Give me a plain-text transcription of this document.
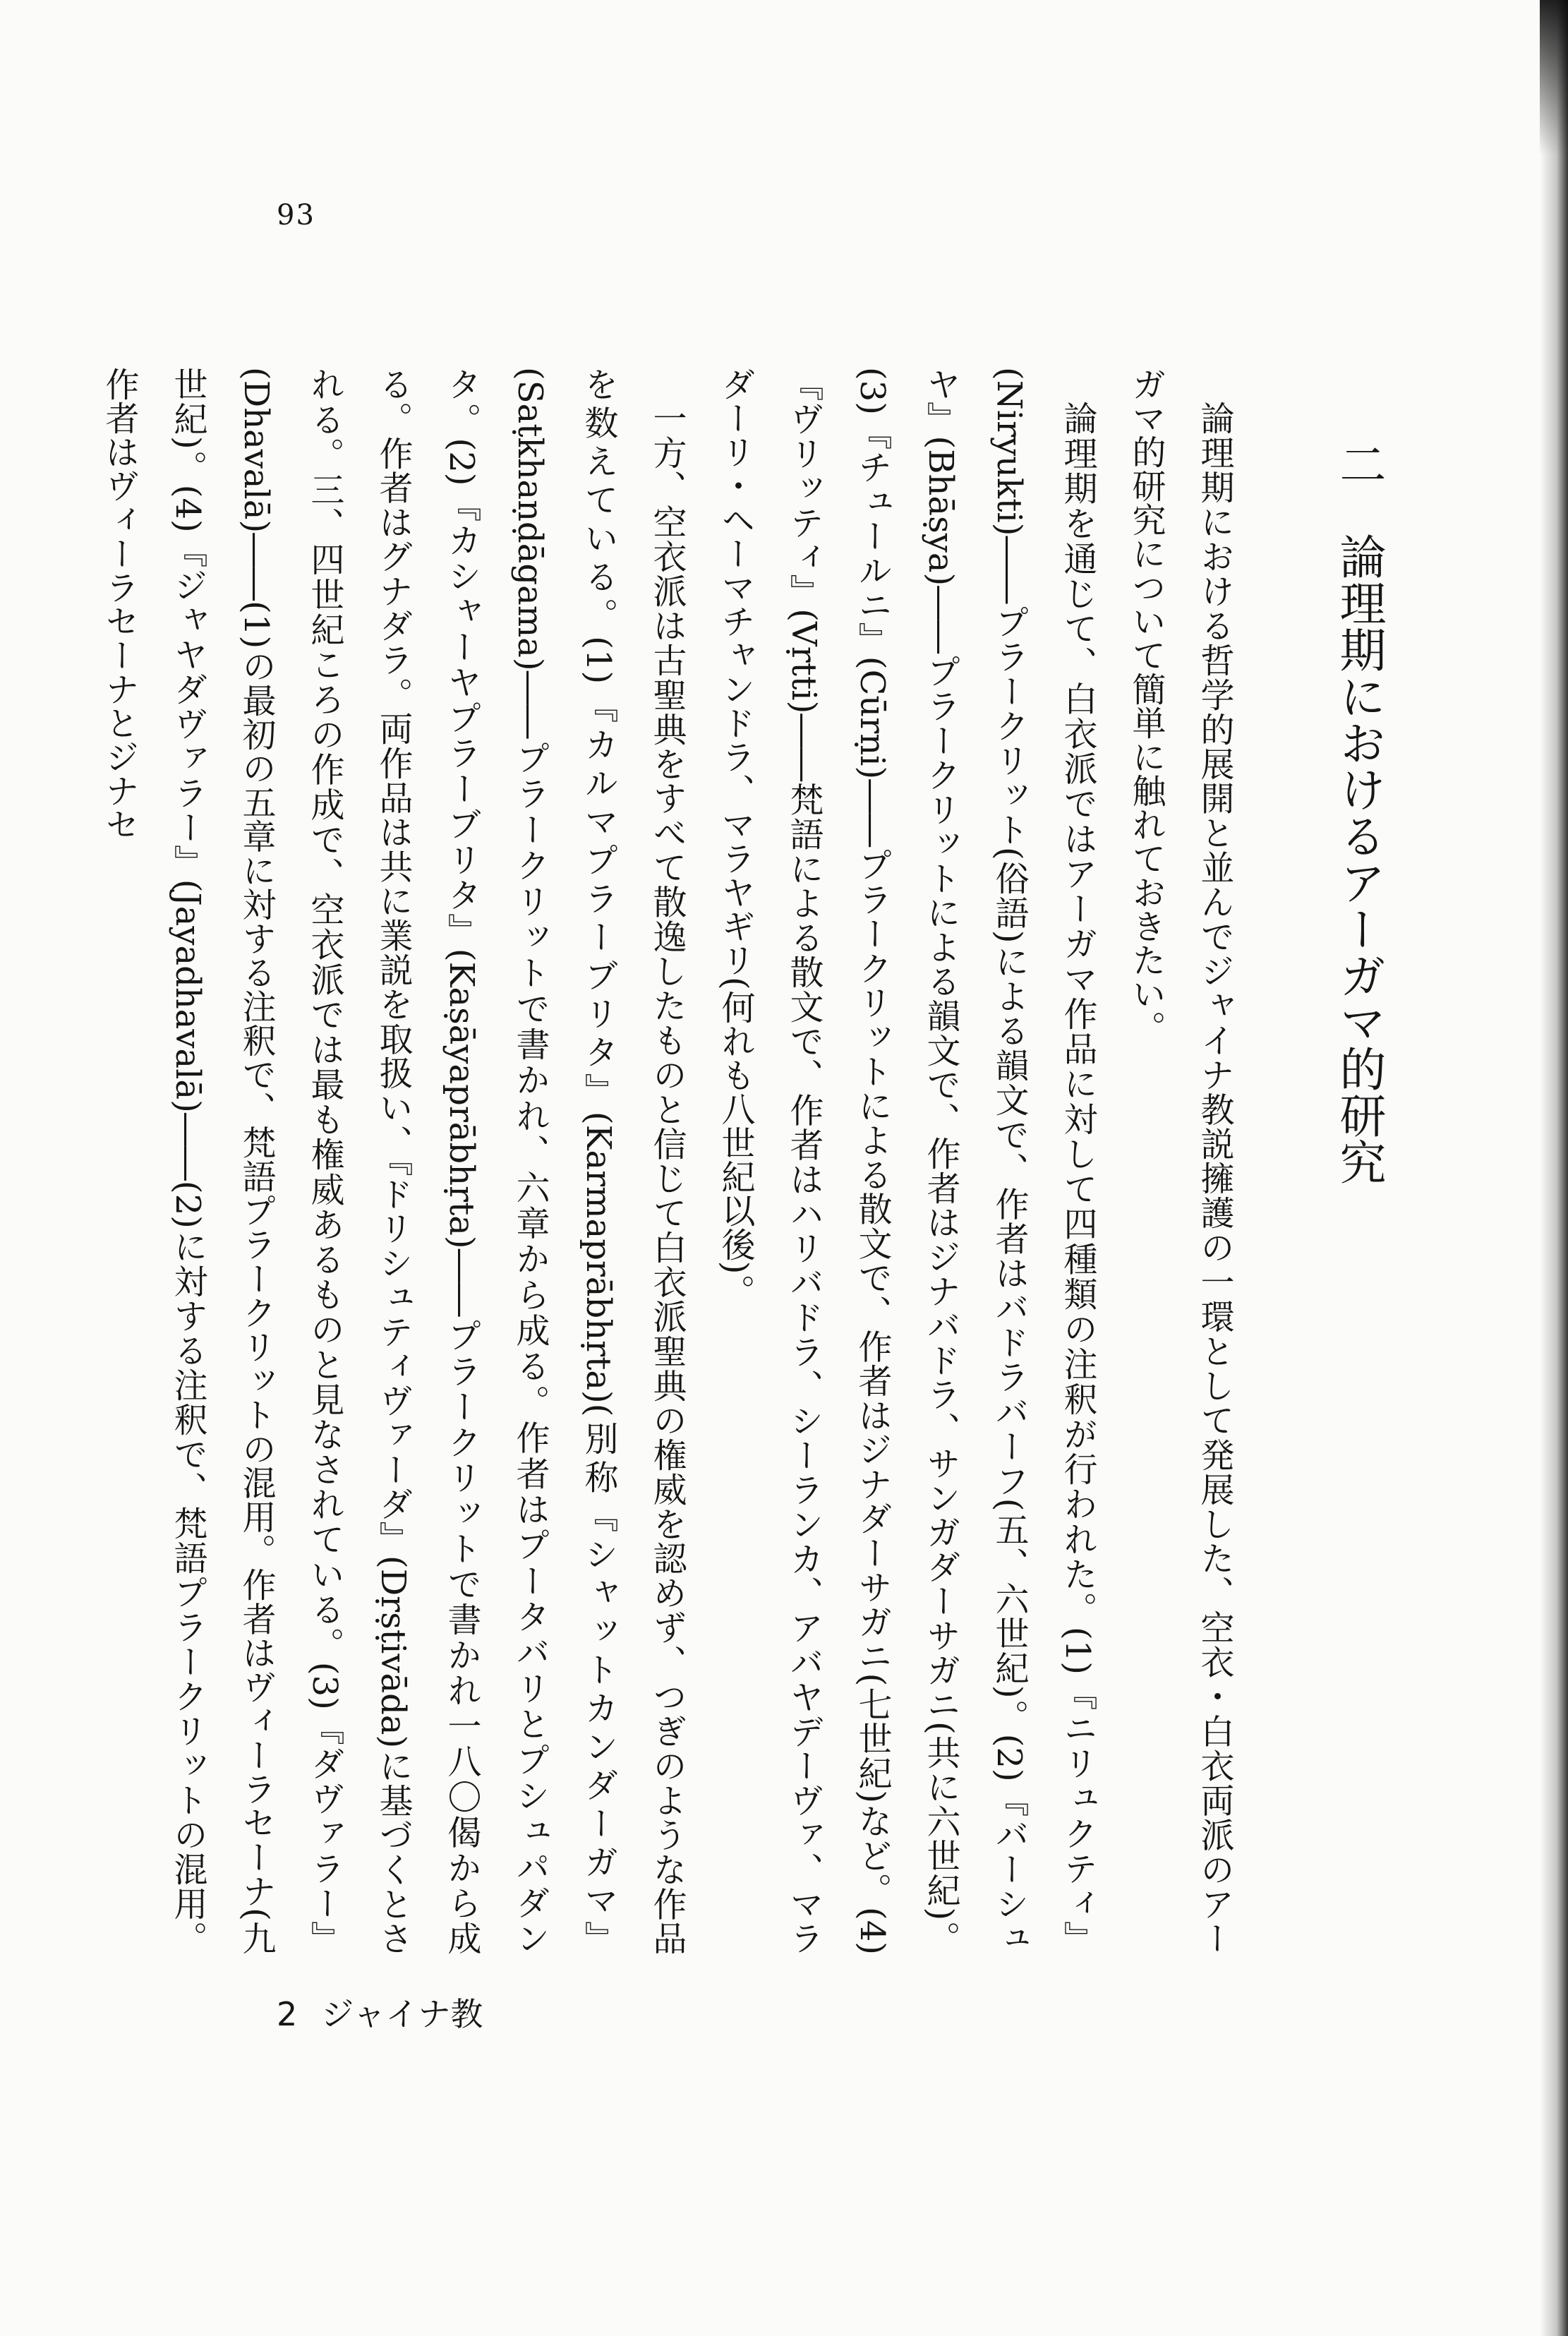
93
二 論理期におけるアーガマ的研究

論理期における哲学的展開と並んでジャイナ教説擁護の一環として発展した、空衣・白衣両派のアーガマ的研究について簡単に触れておきたい。

論理期を通じて、白衣派ではアーガマ作品に対して四種類の注釈が行われた。(1)『ニリュクティ』(Niryukti)――プラークリット(俗語)による韻文で、作者はバドラバーフ(五、六世紀)。(2)『バーシュヤ』(Bhāṣya)――プラークリットによる韻文で、作者はジナバドラ、サンガダーサガニ(共に六世紀)。(3)『チュールニ』(Cūrṇi)――プラークリットによる散文で、作者はジナダーサガニ(七世紀)など。(4)『ヴリッティ』(Vṛtti)――梵語による散文で、作者はハリバドラ、シーランカ、アバヤデーヴァ、マラダーリ・ヘーマチャンドラ、マラヤギリ(何れも八世紀以後)。

一方、空衣派は古聖典をすべて散逸したものと信じて白衣派聖典の権威を認めず、つぎのような作品を数えている。(1)『カルマプラーブリタ』(Karmaprābhṛta)(別称『シャットカンダーガマ』(Saṭkhaṇḍāgama)――プラークリットで書かれ、六章から成る。作者はプータバリとプシュパダンタ。(2)『カシャーヤプラーブリタ』(Kaṣāyaprābhṛta)――プラークリットで書かれ一八〇偈から成る。作者はグナダラ。両作品は共に業説を取扱い、『ドリシュティヴァーダ』(Dṛṣṭivāda)に基づくとされる。三、四世紀ころの作成で、空衣派では最も権威あるものと見なされている。(3)『ダヴァラー』(Dhavalā)――(1)の最初の五章に対する注釈で、梵語プラークリットの混用。作者はヴィーラセーナ(九世紀)。(4)『ジャヤダヴァラー』(Jayadhavalā)――(2)に対する注釈で、梵語プラークリットの混用。作者はヴィーラセーナとジナセ

2 ジャイナ教
